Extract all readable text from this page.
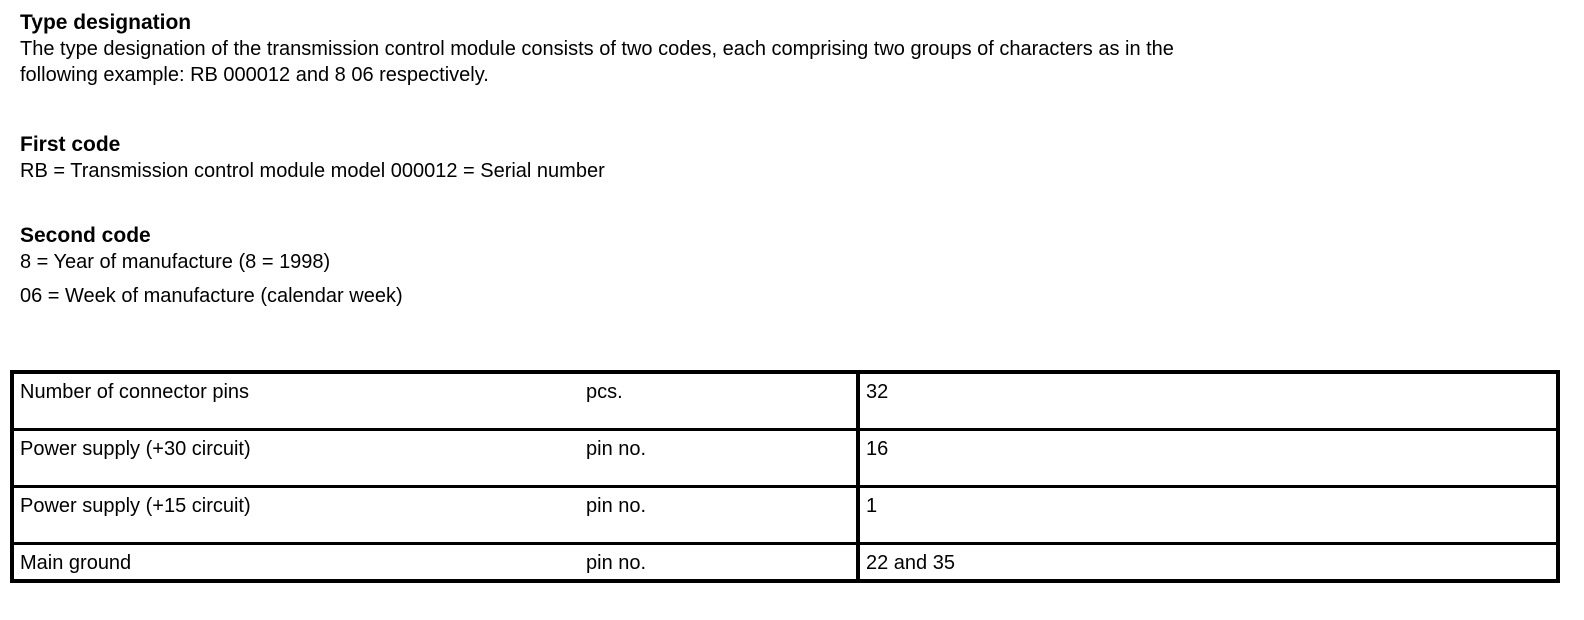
Type designation

The type designation of the transmission control module consists of two codes, each comprising two groups of characters as in the

following example: RB 000012 and 8 06 respectively.

First code

RB = Transmission control module model 000012 = Serial number

Second code

8 = Year of manufacture (8 = 1998)

06 = Week of manufacture (calendar week)

Number of connector pins	pcs.	32
Power supply (+30 circuit)	pin no.	16
Power supply (+15 circuit)	pin no.	1
Main ground	pin no.	22 and 35
